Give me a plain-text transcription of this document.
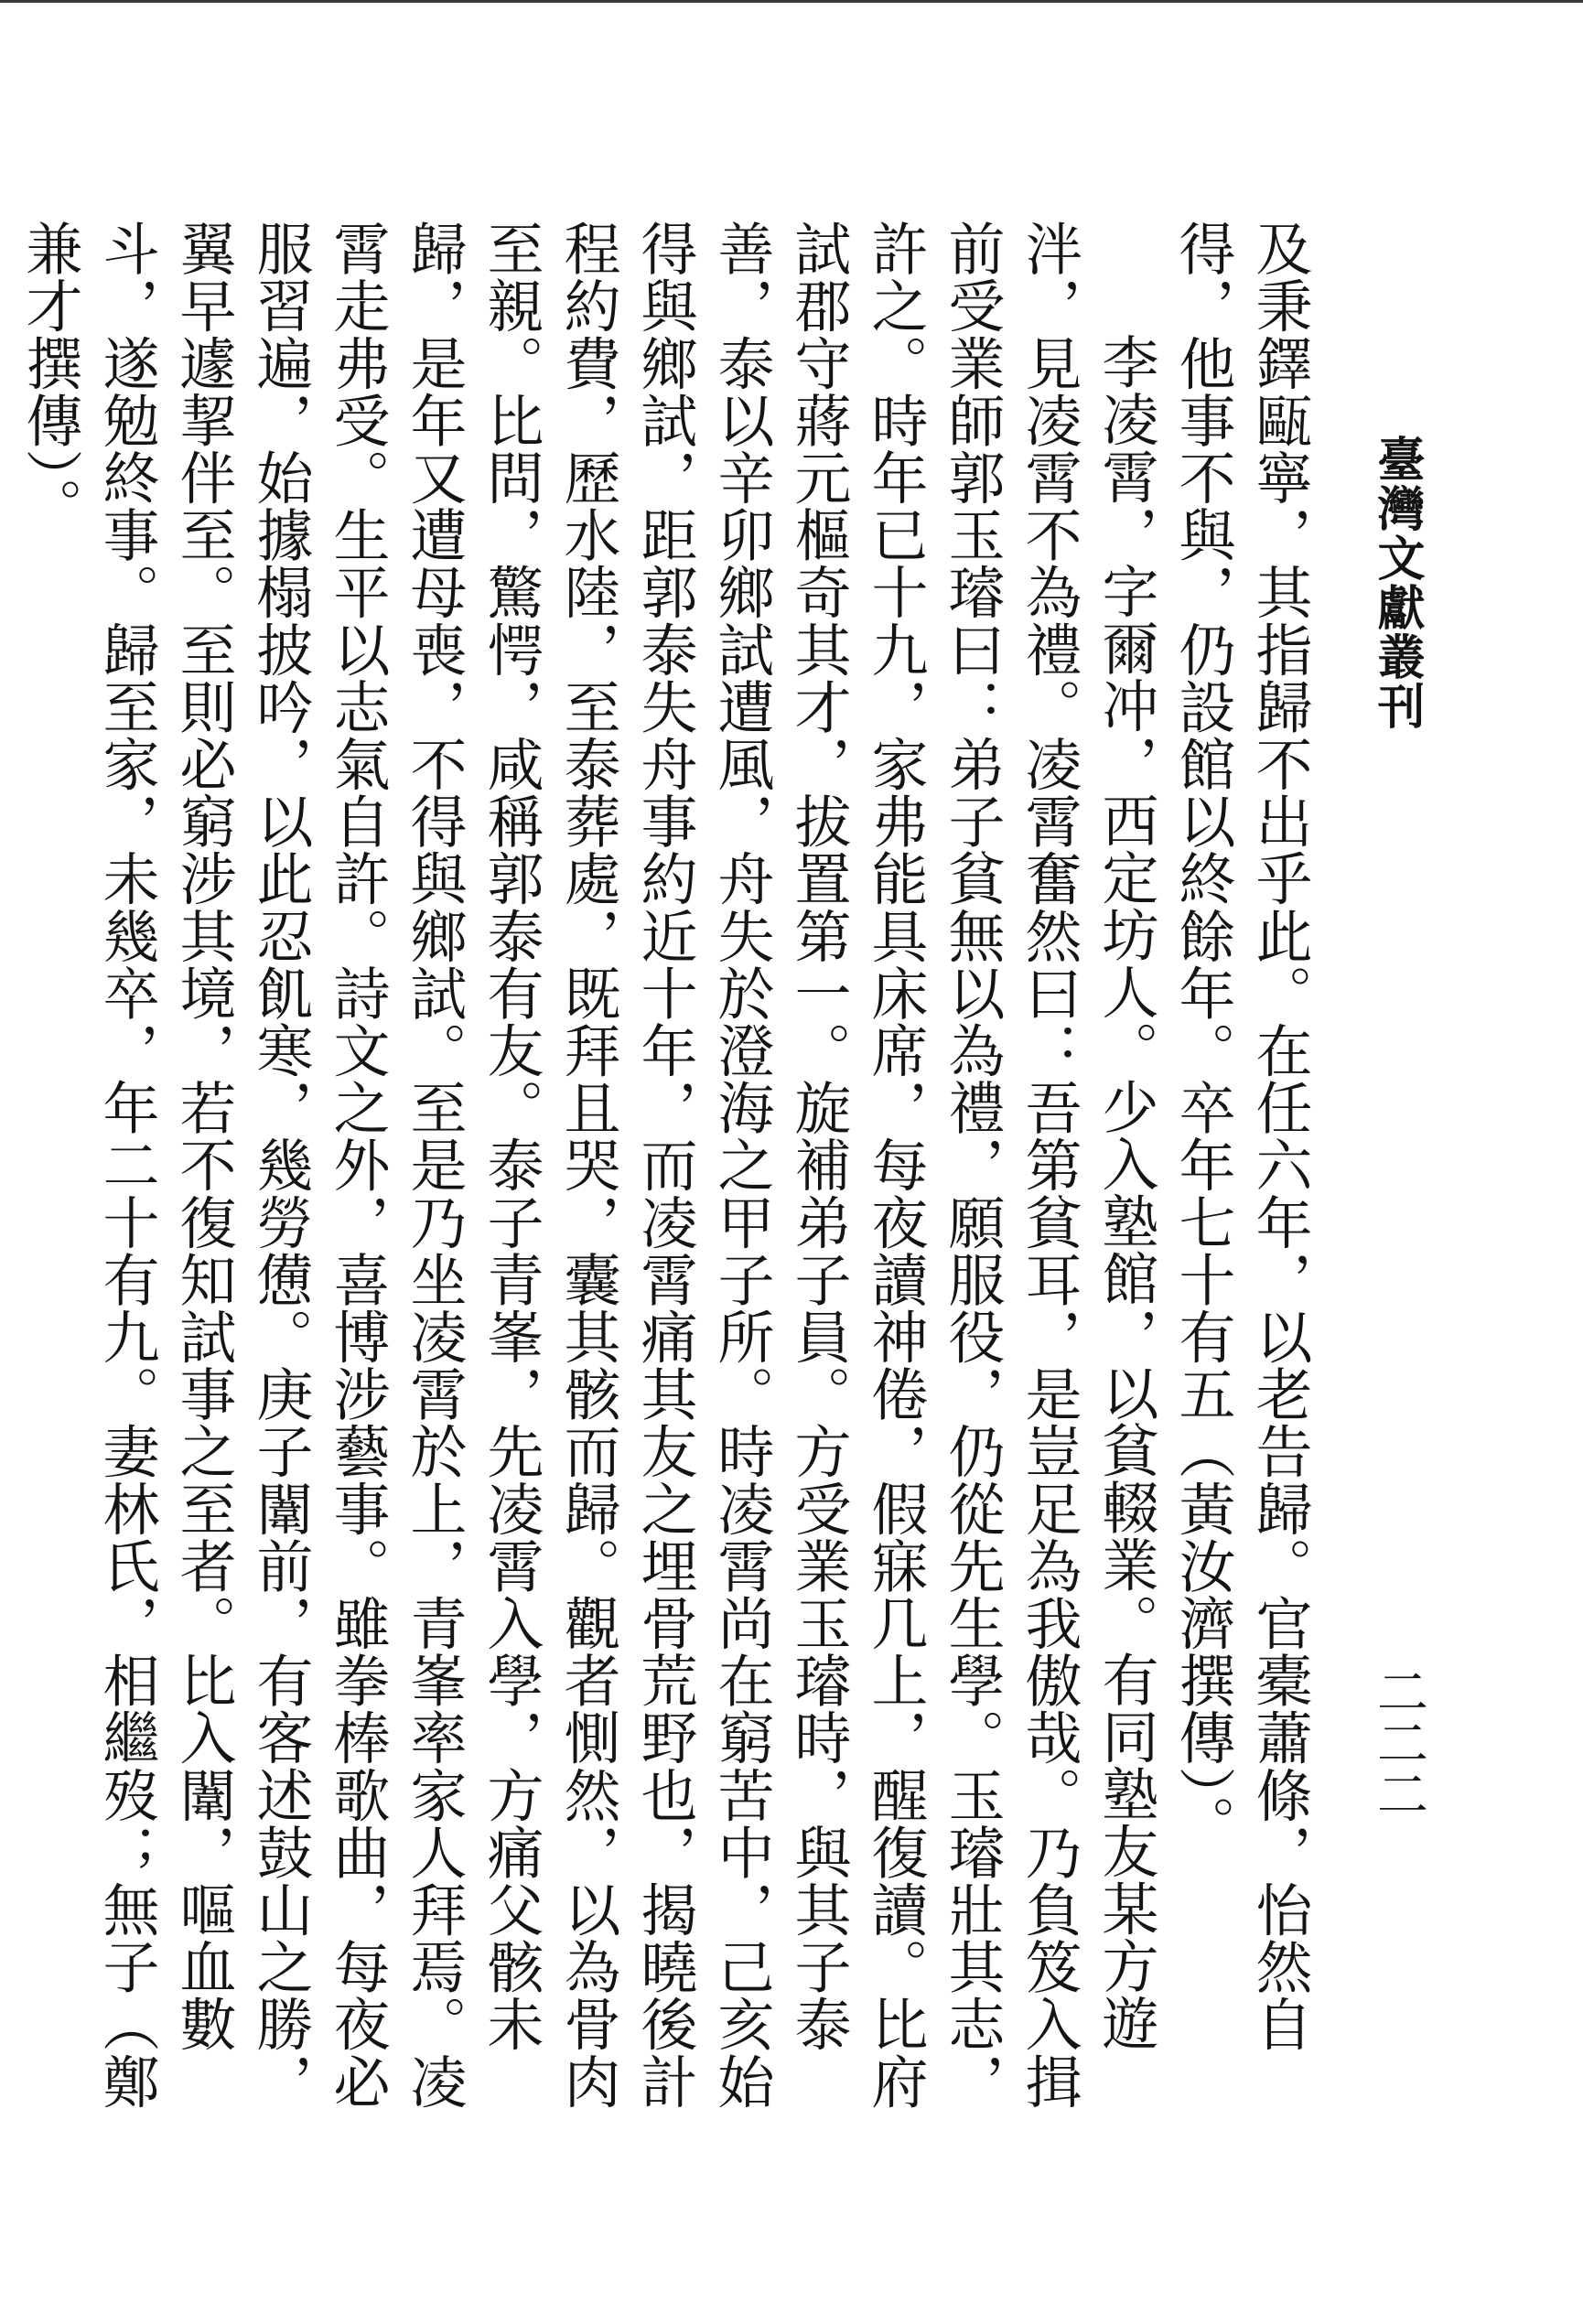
臺灣文獻叢刊
二二二

及秉鐸甌寧，其指歸不出乎此。在任六年，以老告歸。官橐蕭條，怡然自得，他事不與，仍設館以終餘年。卒年七十有五（黃汝濟撰傳）。

李凌霄，字爾冲，西定坊人。少入塾館，以貧輟業。有同塾友某方遊泮，見凌霄不為禮。凌霄奮然曰：吾第貧耳，是豈足為我傲哉。乃負笈入揖前受業師郭玉璿曰：弟子貧無以為禮，願服役，仍從先生學。玉璿壯其志，許之。時年已十九，家弗能具床席，每夜讀神倦，假寐几上，醒復讀。比府試郡守蔣元樞奇其才，拔置第一。旋補弟子員。方受業玉璿時，與其子泰善，泰以辛卯鄉試遭風，舟失於澄海之甲子所。時凌霄尚在窮苦中，己亥始得與鄉試，距郭泰失舟事約近十年，而凌霄痛其友之埋骨荒野也，揭曉後計程約費，歷水陸，至泰葬處，既拜且哭，囊其骸而歸。觀者惻然，以為骨肉至親。比問，驚愕，咸稱郭泰有友。泰子青峯，先凌霄入學，方痛父骸未歸，是年又遭母喪，不得與鄉試。至是乃坐凌霄於上，青峯率家人拜焉。凌霄走弗受。生平以志氣自許。詩文之外，喜博涉藝事。雖拳棒歌曲，每夜必服習遍，始據榻披吟，以此忍飢寒，幾勞憊。庚子闈前，有客述鼓山之勝，翼早遽挈伴至。至則必窮涉其境，若不復知試事之至者。比入闈，嘔血數斗，遂勉終事。歸至家，未幾卒，年二十有九。妻林氏，相繼歿；無子（鄭兼才撰傳）。
